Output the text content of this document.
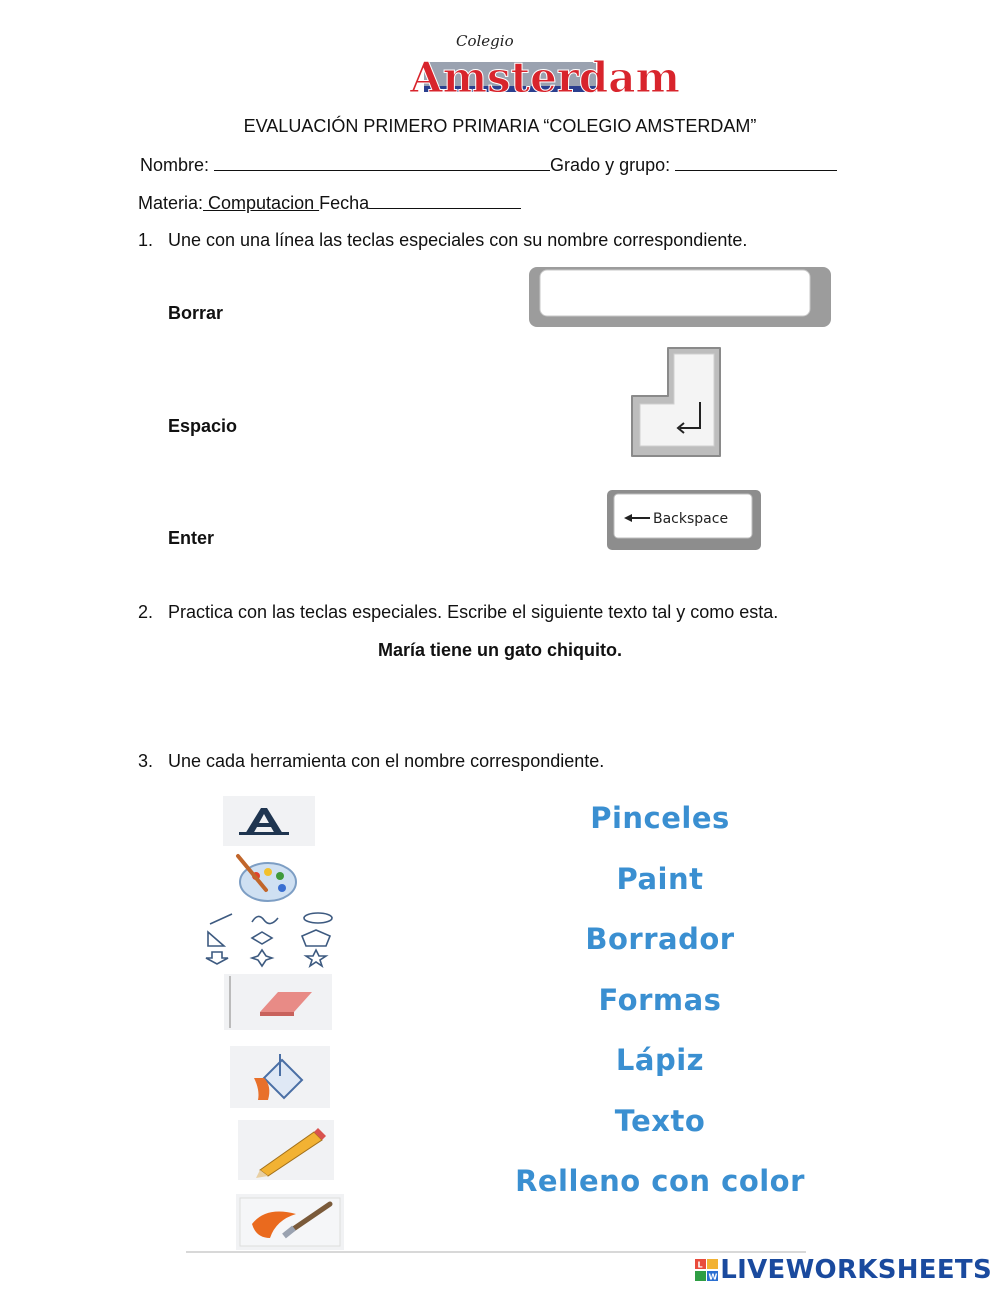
Colegio
Amsterdam
EVALUACIÓN PRIMERO PRIMARIA “COLEGIO AMSTERDAM”
Nombre:	Grado y grupo:
Materia: Computacion Fecha
1. Une con una línea las teclas especiales con su nombre correspondiente.
Borrar
Espacio
Enter
Backspace
2. Practica con las teclas especiales. Escribe el siguiente texto tal y como esta.
María tiene un gato chiquito.
3. Une cada herramienta con el nombre correspondiente.
Pinceles
Paint
Borrador
Formas
Lápiz
Texto
Relleno con color
L
W LIVEWORKSHEETS
